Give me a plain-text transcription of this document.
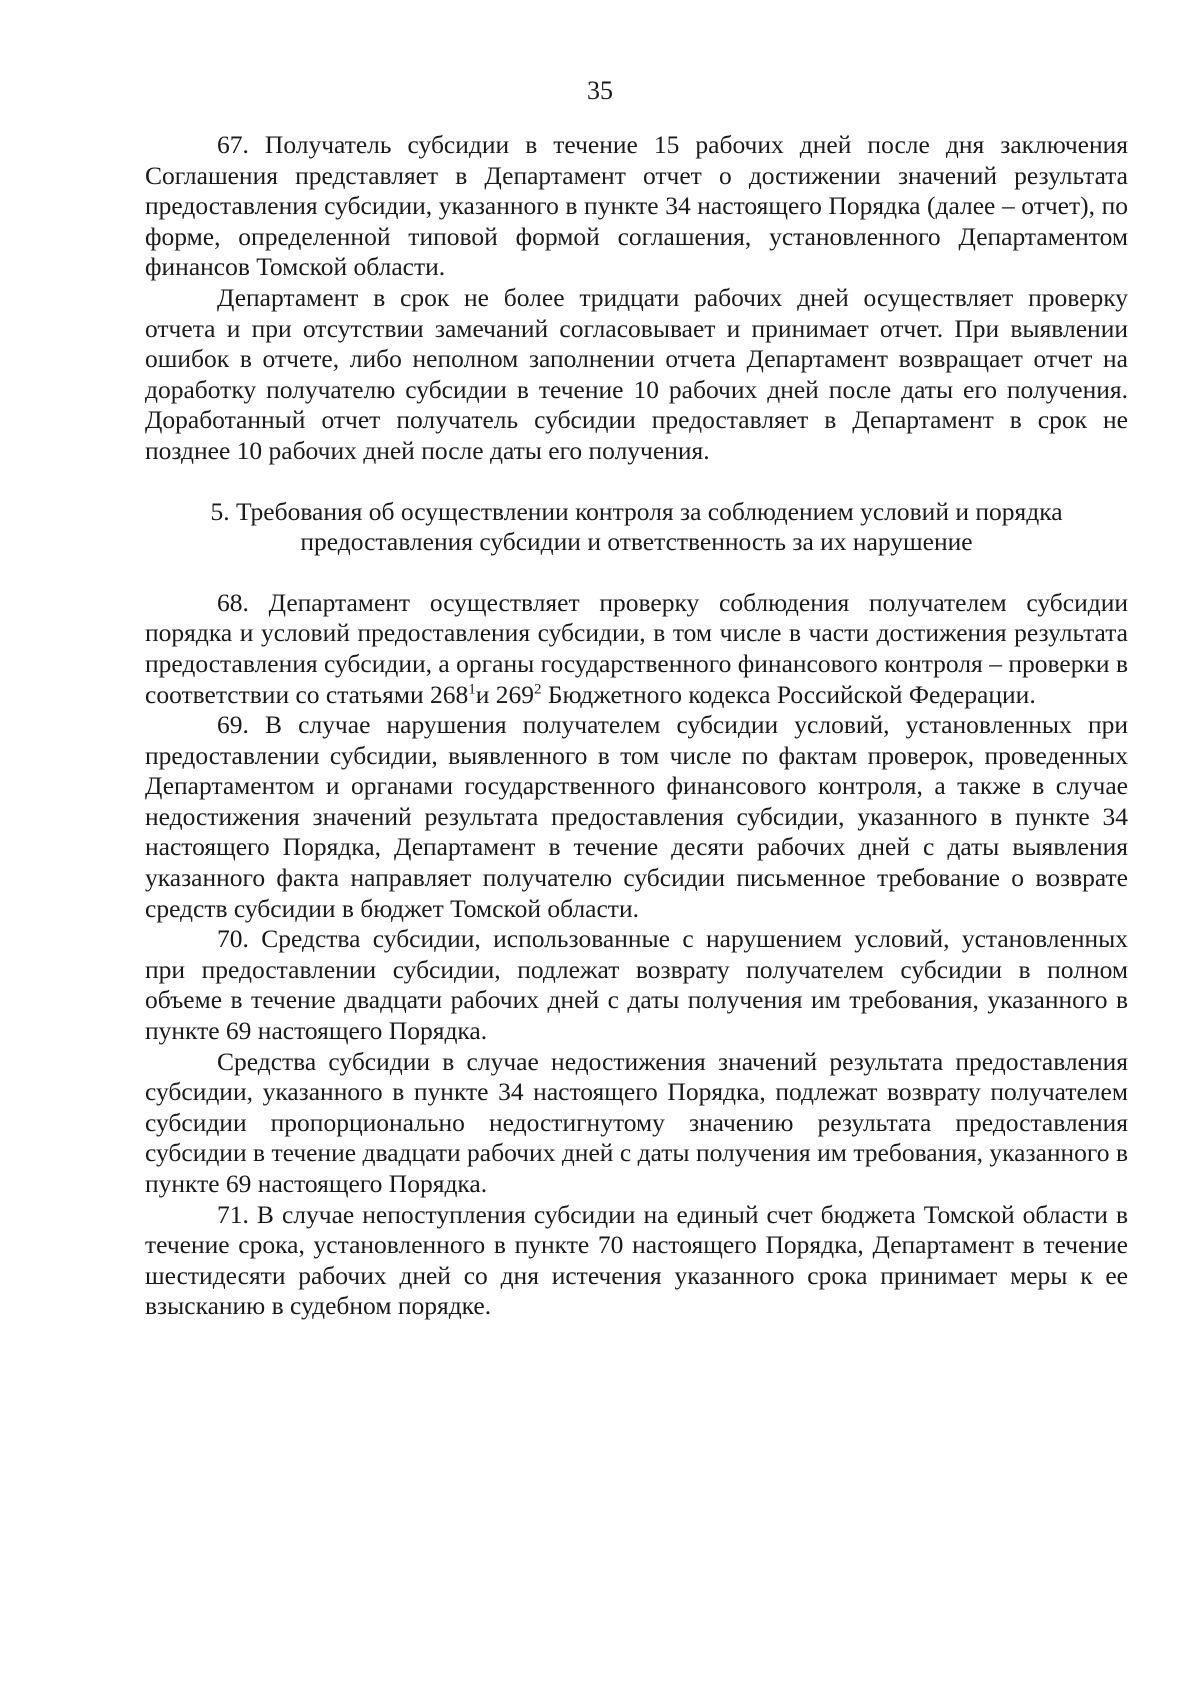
35

67. Получатель субсидии в течение 15 рабочих дней после дня заключения Соглашения представляет в Департамент отчет о достижении значений результата предоставления субсидии, указанного в пункте 34 настоящего Порядка (далее – отчет), по форме, определенной типовой формой соглашения, установленного Департаментом финансов Томской области.

Департамент в срок не более тридцати рабочих дней осуществляет проверку отчета и при отсутствии замечаний согласовывает и принимает отчет. При выявлении ошибок в отчете, либо неполном заполнении отчета Департамент возвращает отчет на доработку получателю субсидии в течение 10 рабочих дней после даты его получения. Доработанный отчет получатель субсидии предоставляет в Департамент в срок не позднее 10 рабочих дней после даты его получения.

5. Требования об осуществлении контроля за соблюдением условий и порядка

предоставления субсидии и ответственность за их нарушение

68. Департамент осуществляет проверку соблюдения получателем субсидии порядка и условий предоставления субсидии, в том числе в части достижения результата предоставления субсидии, а органы государственного финансового контроля – проверки в соответствии со статьями $268^1и$ $269^2$ Бюджетного кодекса Российской Федерации.

69. В случае нарушения получателем субсидии условий, установленных при предоставлении субсидии, выявленного в том числе по фактам проверок, проведенных Департаментом и органами государственного финансового контроля, а также в случае недостижения значений результата предоставления субсидии, указанного в пункте 34 настоящего Порядка, Департамент в течение десяти рабочих дней с даты выявления указанного факта направляет получателю субсидии письменное требование о возврате средств субсидии в бюджет Томской области.

70. Средства субсидии, использованные с нарушением условий, установленных при предоставлении субсидии, подлежат возврату получателем субсидии в полном объеме в течение двадцати рабочих дней с даты получения им требования, указанного в пункте 69 настоящего Порядка.

Средства субсидии в случае недостижения значений результата предоставления субсидии, указанного в пункте 34 настоящего Порядка, подлежат возврату получателем субсидии пропорционально недостигнутому значению результата предоставления субсидии в течение двадцати рабочих дней с даты получения им требования, указанного в пункте 69 настоящего Порядка.

71. В случае непоступления субсидии на единый счет бюджета Томской области в течение срока, установленного в пункте 70 настоящего Порядка, Департамент в течение шестидесяти рабочих дней со дня истечения указанного срока принимает меры к ее взысканию в судебном порядке.
